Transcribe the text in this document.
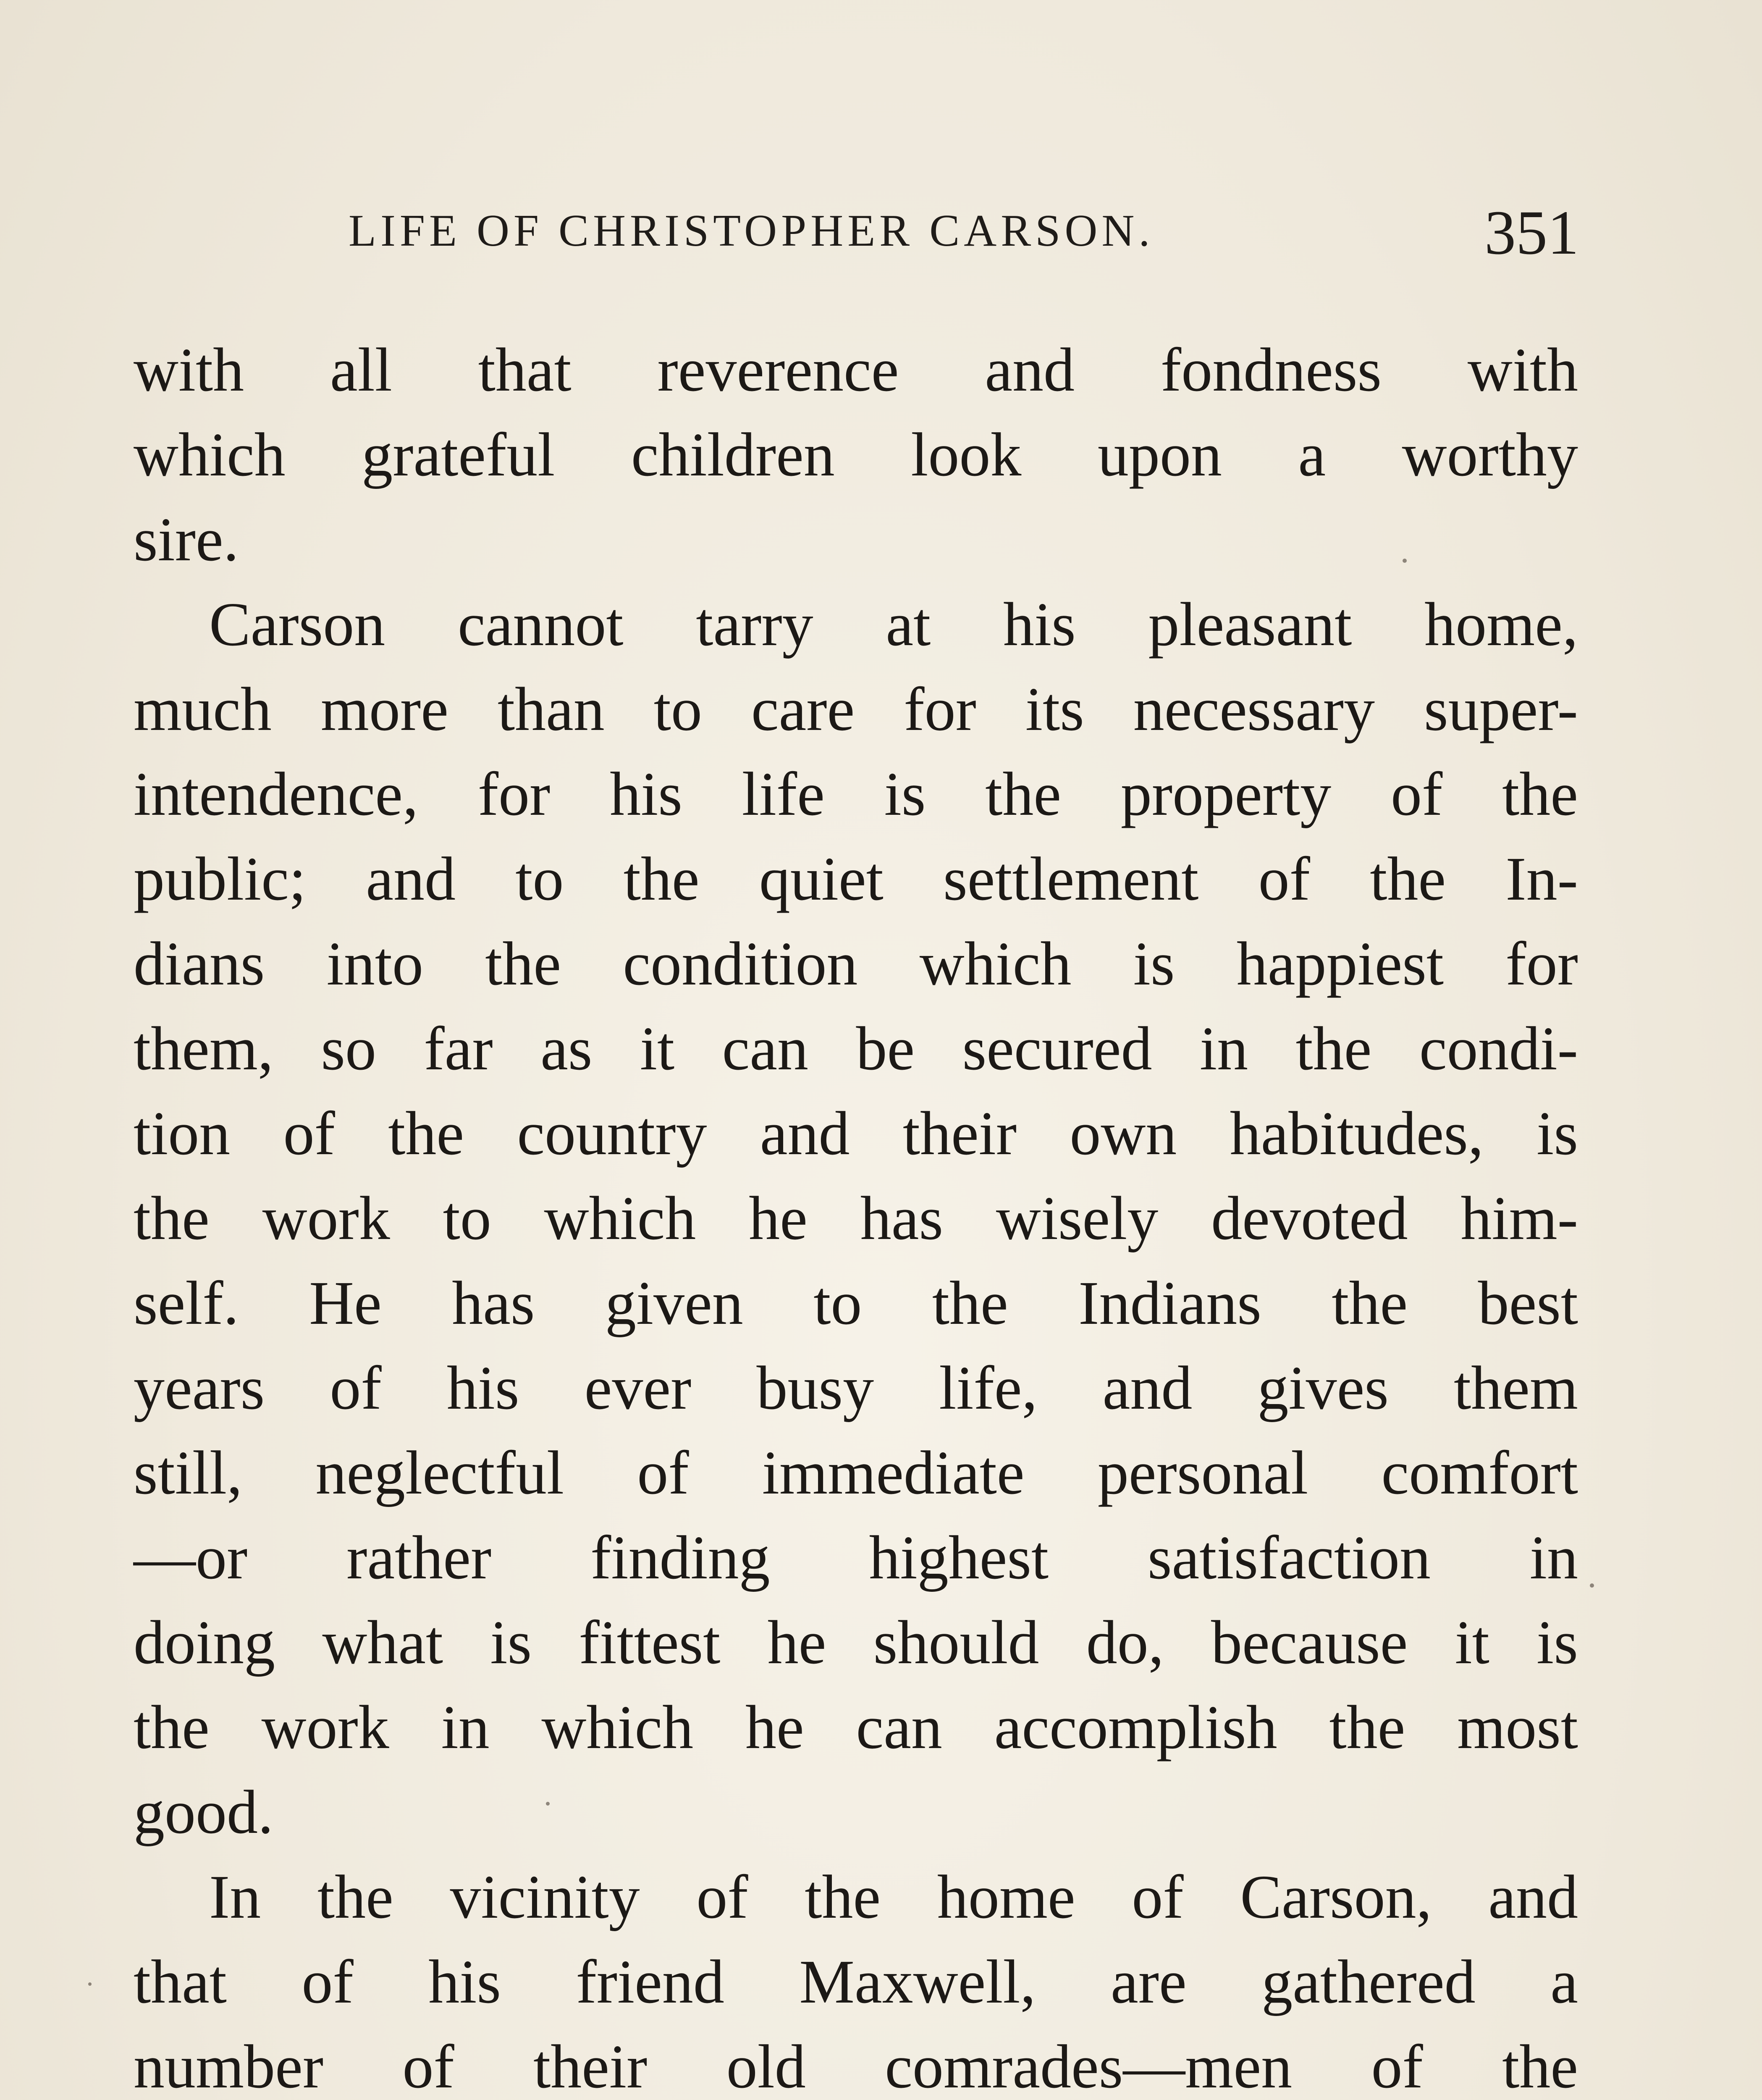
LIFE OF CHRISTOPHER CARSON.	351
with all that reverence and fondness with
which grateful children look upon a worthy
sire.
Carson cannot tarry at his pleasant home,
much more than to care for its necessary super-
intendence, for his life is the property of the
public; and to the quiet settlement of the In-
dians into the condition which is happiest for
them, so far as it can be secured in the condi-
tion of the country and their own habitudes, is
the work to which he has wisely devoted him-
self. He has given to the Indians the best
years of his ever busy life, and gives them
still, neglectful of immediate personal comfort
—or rather finding highest satisfaction in
doing what is fittest he should do, because it is
the work in which he can accomplish the most
good.
In the vicinity of the home of Carson, and
that of his friend Maxwell, are gathered a
number of their old comrades—men of the
